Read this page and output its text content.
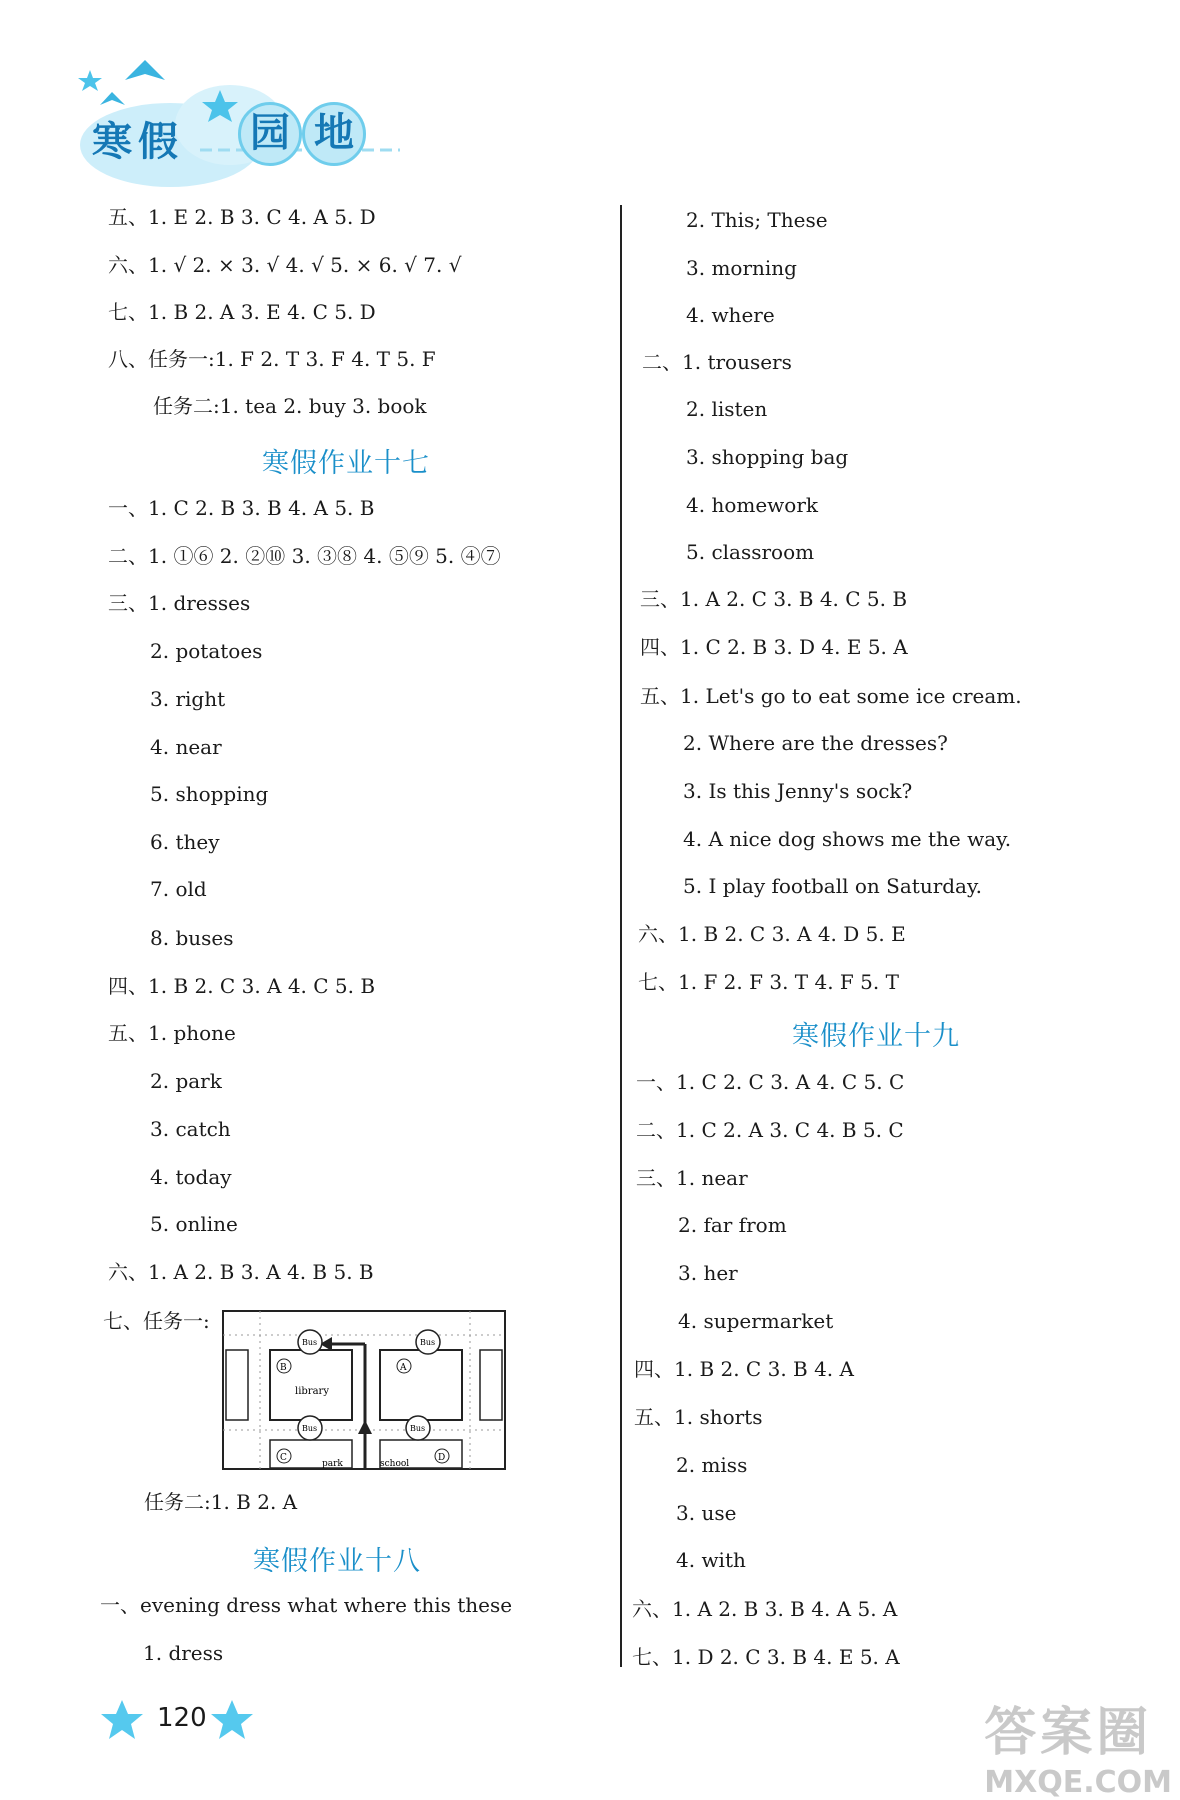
寒 假	园 地
五、1. E 2. B 3. C 4. A 5. D
六、1. √ 2. × 3. √ 4. √ 5. × 6. √ 7. √
七、1. B 2. A 3. E 4. C 5. D
八、任务一:1. F 2. T 3. F 4. T 5. F
任务二:1. tea 2. buy 3. book
寒假作业十七
一、1. C 2. B 3. B 4. A 5. B
二、1. ①⑥ 2. ②⑩ 3. ③⑧ 4. ⑤⑨ 5. ④⑦
三、1. dresses
2. potatoes
3. right
4. near
5. shopping
6. they
7. old
8. buses
四、1. B 2. C 3. A 4. C 5. B
五、1. phone
2. park
3. catch
4. today
5. online
六、1. A 2. B 3. A 4. B 5. B
七、任务一:
Bus	Bus
Bus	Bus
B	A
C	D
library
park	school
任务二:1. B 2. A
寒假作业十八
一、evening dress what where this these
1. dress
2. This; These
3. morning
4. where
二、1. trousers
2. listen
3. shopping bag
4. homework
5. classroom
三、1. A 2. C 3. B 4. C 5. B
四、1. C 2. B 3. D 4. E 5. A
五、1. Let's go to eat some ice cream.
2. Where are the dresses?
3. Is this Jenny's sock?
4. A nice dog shows me the way.
5. I play football on Saturday.
六、1. B 2. C 3. A 4. D 5. E
七、1. F 2. F 3. T 4. F 5. T
寒假作业十九
一、1. C 2. C 3. A 4. C 5. C
二、1. C 2. A 3. C 4. B 5. C
三、1. near
2. far from
3. her
4. supermarket
四、1. B 2. C 3. B 4. A
五、1. shorts
2. miss
3. use
4. with
六、1. A 2. B 3. B 4. A 5. A
七、1. D 2. C 3. B 4. E 5. A
120	答案圈
MXQE.COM
